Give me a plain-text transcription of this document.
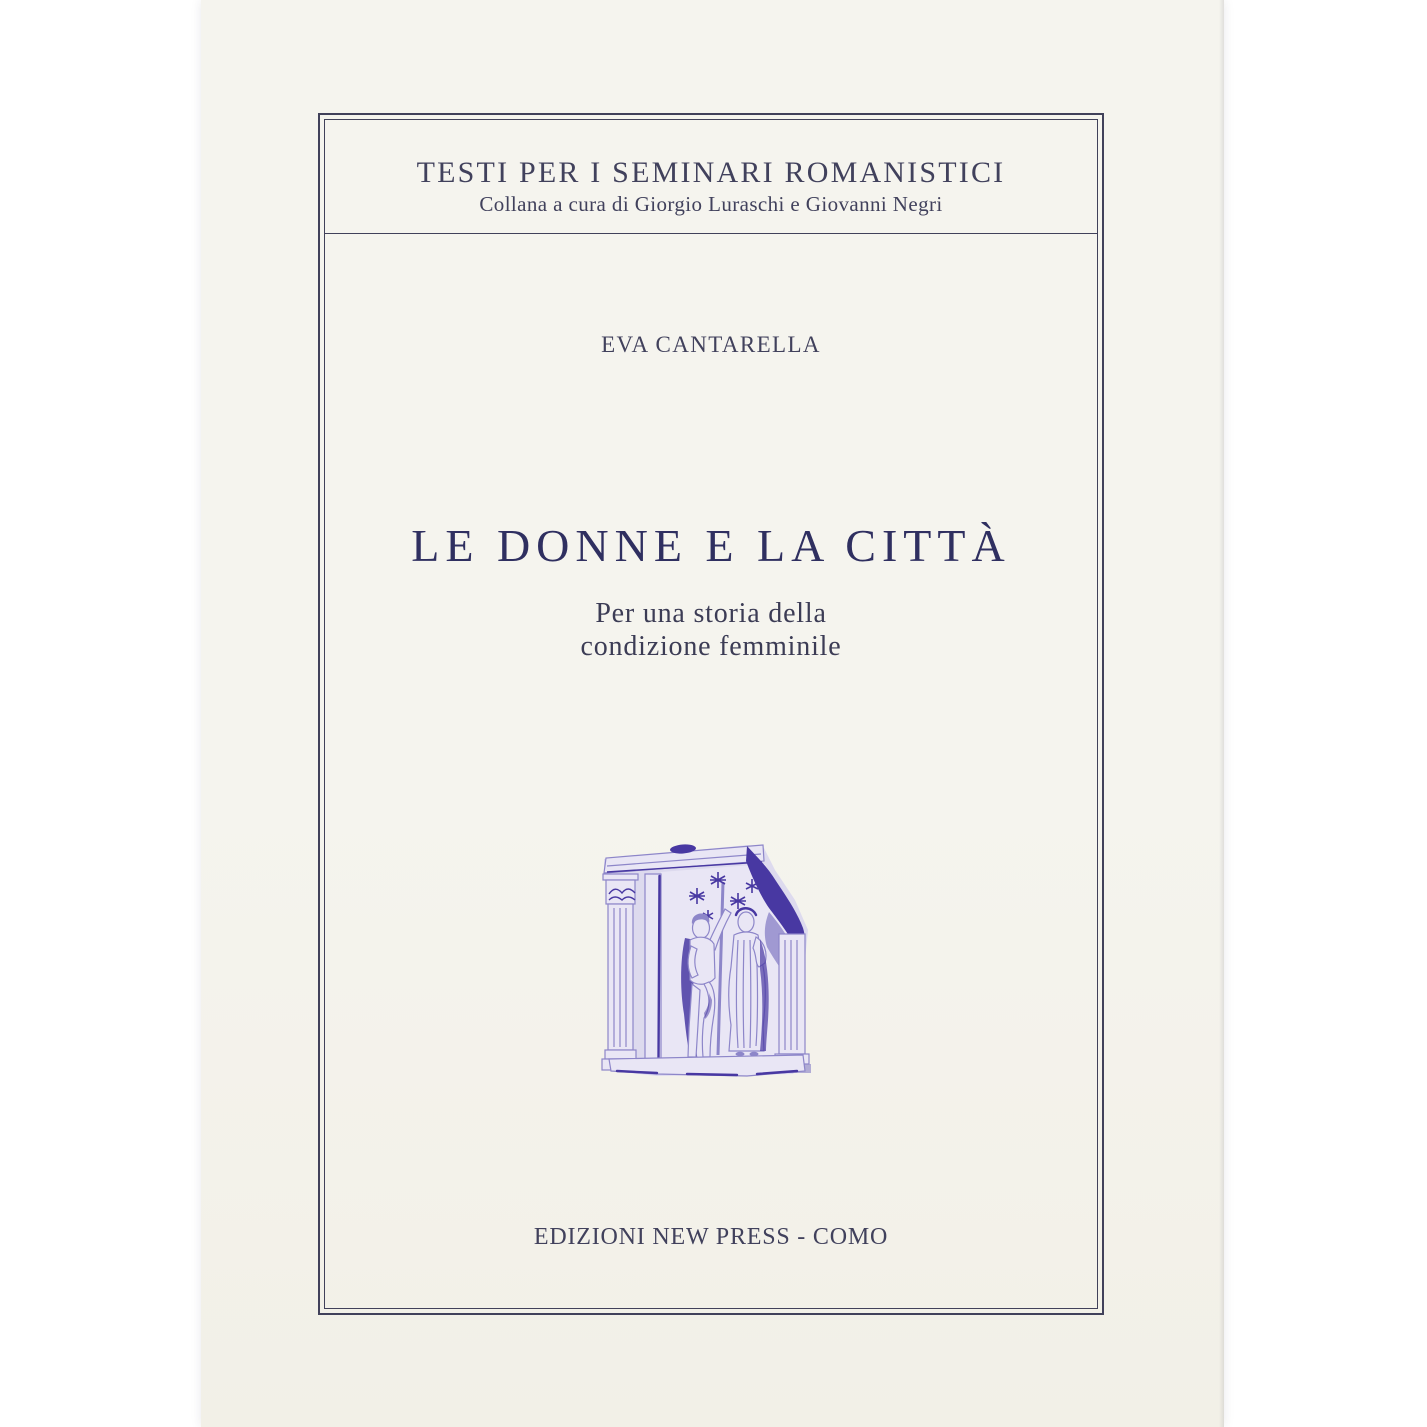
TESTI PER I SEMINARI ROMANISTICI
Collana a cura di Giorgio Luraschi e Giovanni Negri
EVA CANTARELLA
LE DONNE E LA CITTÀ
Per una storia della
condizione femminile
EDIZIONI NEW PRESS - COMO
